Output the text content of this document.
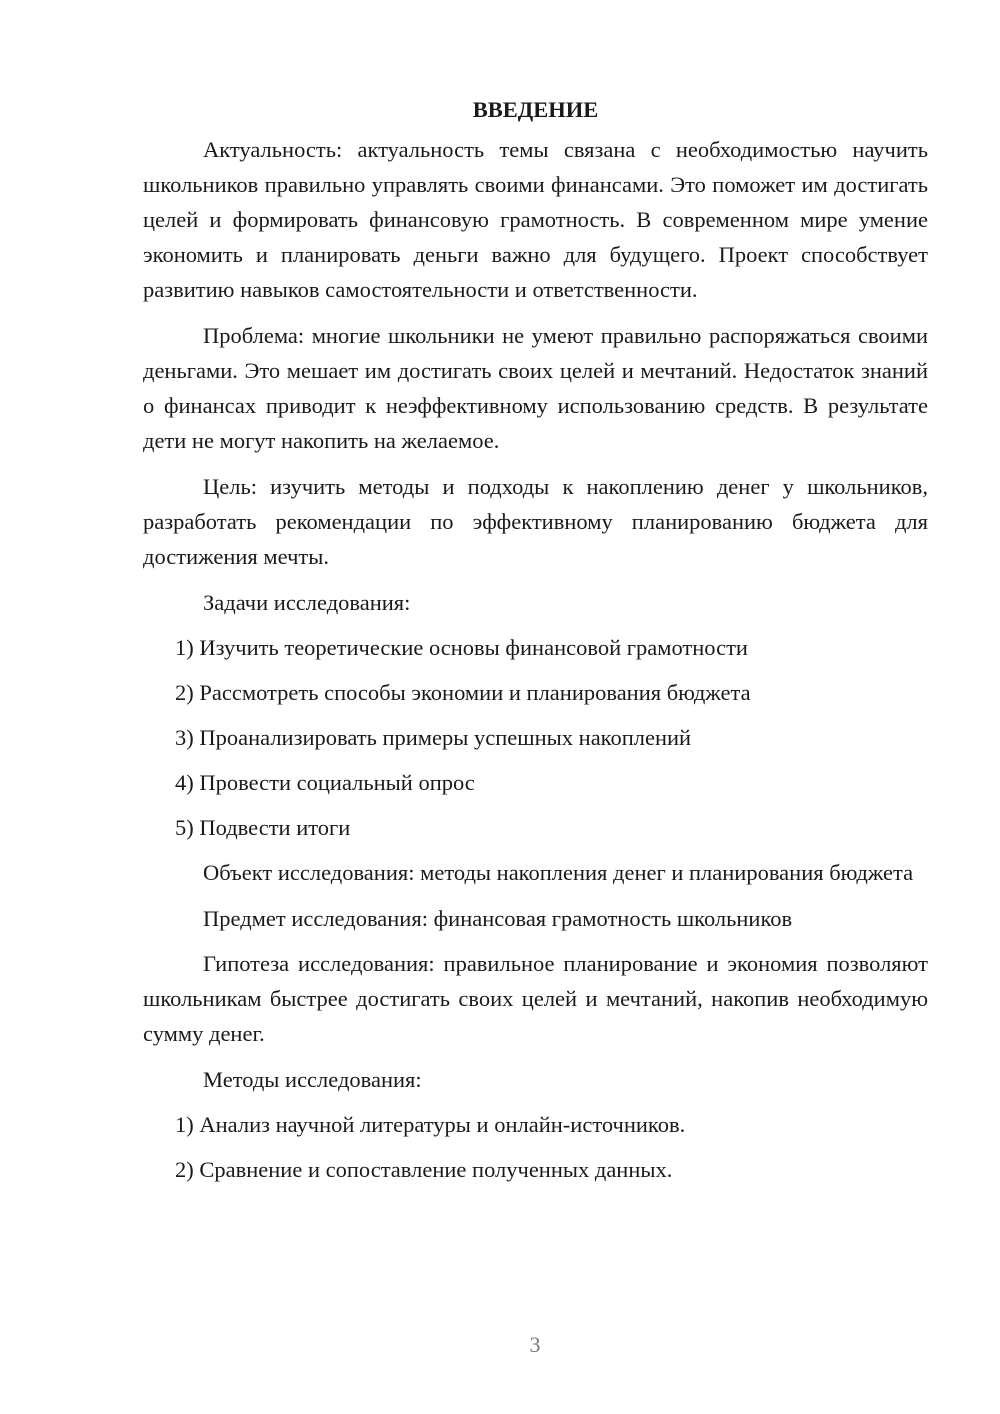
ВВЕДЕНИЕ
Актуальность: актуальность темы связана с необходимостью научить школьников правильно управлять своими финансами. Это поможет им достигать целей и формировать финансовую грамотность. В современном мире умение экономить и планировать деньги важно для будущего. Проект способствует развитию навыков самостоятельности и ответственности.
Проблема: многие школьники не умеют правильно распоряжаться своими деньгами. Это мешает им достигать своих целей и мечтаний. Недостаток знаний о финансах приводит к неэффективному использованию средств. В результате дети не могут накопить на желаемое.
Цель: изучить методы и подходы к накоплению денег у школьников, разработать рекомендации по эффективному планированию бюджета для достижения мечты.
Задачи исследования:
1) Изучить теоретические основы финансовой грамотности
2) Рассмотреть способы экономии и планирования бюджета
3) Проанализировать примеры успешных накоплений
4) Провести социальный опрос
5) Подвести итоги
Объект исследования: методы накопления денег и планирования бюджета
Предмет исследования: финансовая грамотность школьников
Гипотеза исследования: правильное планирование и экономия позволяют школьникам быстрее достигать своих целей и мечтаний, накопив необходимую сумму денег.
Методы исследования:
1) Анализ научной литературы и онлайн-источников.
2) Сравнение и сопоставление полученных данных.
3
